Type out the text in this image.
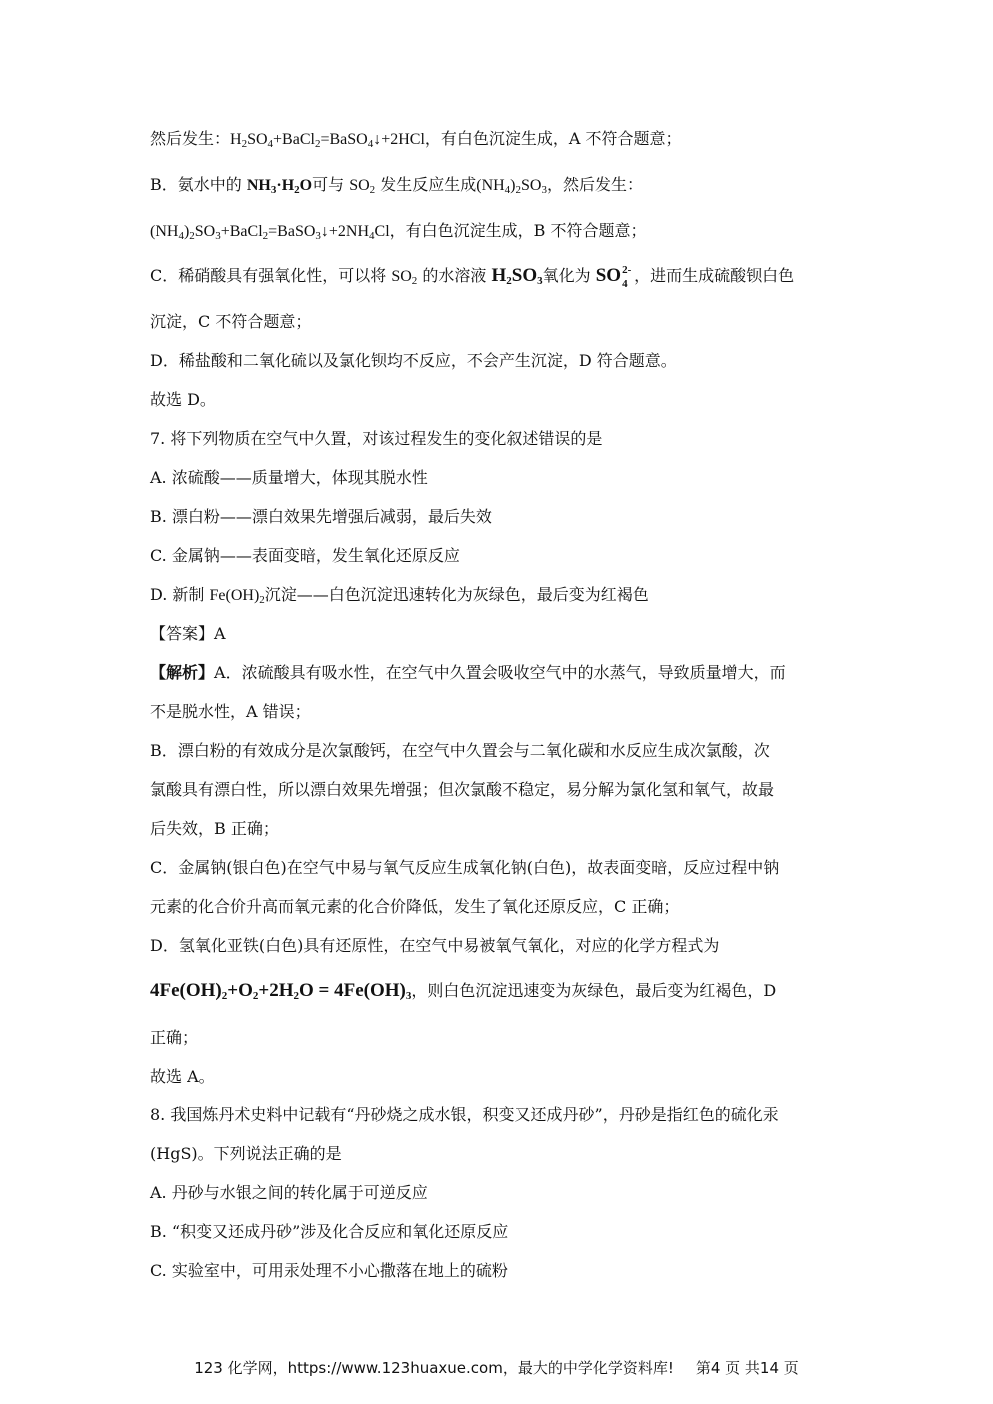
然后发生：$H_2SO_4+BaCl_2=BaSO_4↓+2HCl$，有白色沉淀生成，A 不符合题意；
B．氨水中的 $NH_3\cdot H_2O$可与 $SO_2$ 发生反应生成$(NH_4)_2SO_3$，然后发生：
$(NH_4)_2SO_3+BaCl_2=BaSO_3↓+2NH_4Cl$，有白色沉淀生成，B 不符合题意；
C．稀硝酸具有强氧化性，可以将 $SO_2$ 的水溶液 $H_2SO_3$氧化为 SO 2-
4 ，进而生成硫酸钡白色
沉淀，C 不符合题意；
D．稀盐酸和二氧化硫以及氯化钡均不反应，不会产生沉淀，D 符合题意。
故选 D。
7. 将下列物质在空气中久置，对该过程发生的变化叙述错误的是
A. 浓硫酸——质量增大，体现其脱水性
B. 漂白粉——漂白效果先增强后减弱，最后失效
C. 金属钠——表面变暗，发生氧化还原反应
D. 新制 $Fe(OH)_2$沉淀——白色沉淀迅速转化为灰绿色，最后变为红褐色
【答案】A
【解析】A．浓硫酸具有吸水性，在空气中久置会吸收空气中的水蒸气，导致质量增大，而
不是脱水性，A 错误；
B．漂白粉的有效成分是次氯酸钙，在空气中久置会与二氧化碳和水反应生成次氯酸，次
氯酸具有漂白性，所以漂白效果先增强；但次氯酸不稳定，易分解为氯化氢和氧气，故最
后失效，B 正确；
C．金属钠(银白色)在空气中易与氧气反应生成氧化钠(白色)，故表面变暗，反应过程中钠
元素的化合价升高而氧元素的化合价降低，发生了氧化还原反应，C 正确；
D．氢氧化亚铁(白色)具有还原性，在空气中易被氧气氧化，对应的化学方程式为
$4Fe(OH)_2+O_2+2H_2O = 4Fe(OH)_3$，则白色沉淀迅速变为灰绿色，最后变为红褐色，D
正确；
故选 A。
8. 我国炼丹术史料中记载有“丹砂烧之成水银，积变又还成丹砂”，丹砂是指红色的硫化汞
(HgS)。下列说法正确的是
A. 丹砂与水银之间的转化属于可逆反应
B. “积变又还成丹砂”涉及化合反应和氧化还原反应
C. 实验室中，可用汞处理不小心撒落在地上的硫粉
123 化学网，https://www.123huaxue.com，最大的中学化学资料库! 第4 页 共14 页
